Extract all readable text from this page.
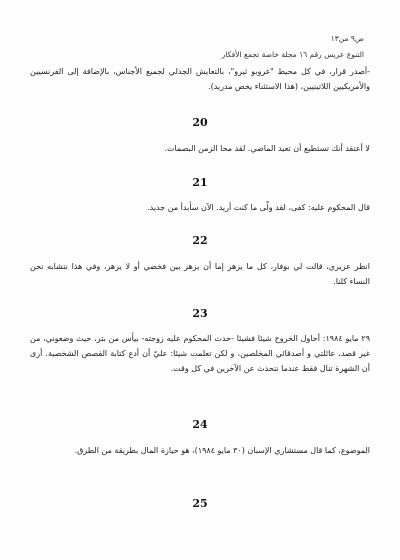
ص٩ من١٣
التنوع عريس رقم ١٦ مجلة خاصة تجمع الأفكار
-أصدر قرار، في كل محيط "غروبو ثيرو"، بالتعايش الجدلي لجميع الأجناس، بالإضافة إلى الفرنسيين والأمريكيين اللاتينيين، (هذا الاستثناء يخص مدريد).
20
لا أعتقد أنك تستطيع أن تعيد الماضي. لقد محا الزمن البصمات.
21
قال المحكوم عليه: كفى، لقد ولّى ما كنت أريد. الآن سأبدأ من جديد.
22
انظر عزيزي، قالت لي بوفار، كل ما يزهر إما أن يزهر بين فخضي أو لا يزهر، وفي هذا نتشابه نحن النساء كلنا.
23
٢٩ مايو ١٩٨٤: أحاول الخروج شيئا فشيئا -حدث المحكوم عليه زوجته- بيأس من بتر، حيث وضعوني، من غير قصد، عائلتي و أصدقائي المخلصين، و لكن تعلمت شيئا: عليّ أن أدع كتابة القصص الشخصية. أرى أن الشهرة تنال فقط عندما نتحدث عن الآخرين في كل وقت.
24
الموضوع، كما قال مستشاري الإسبان (٣٠ مايو ١٩٨٤)، هو حيازة المال بطريقة من الطرق.
25
